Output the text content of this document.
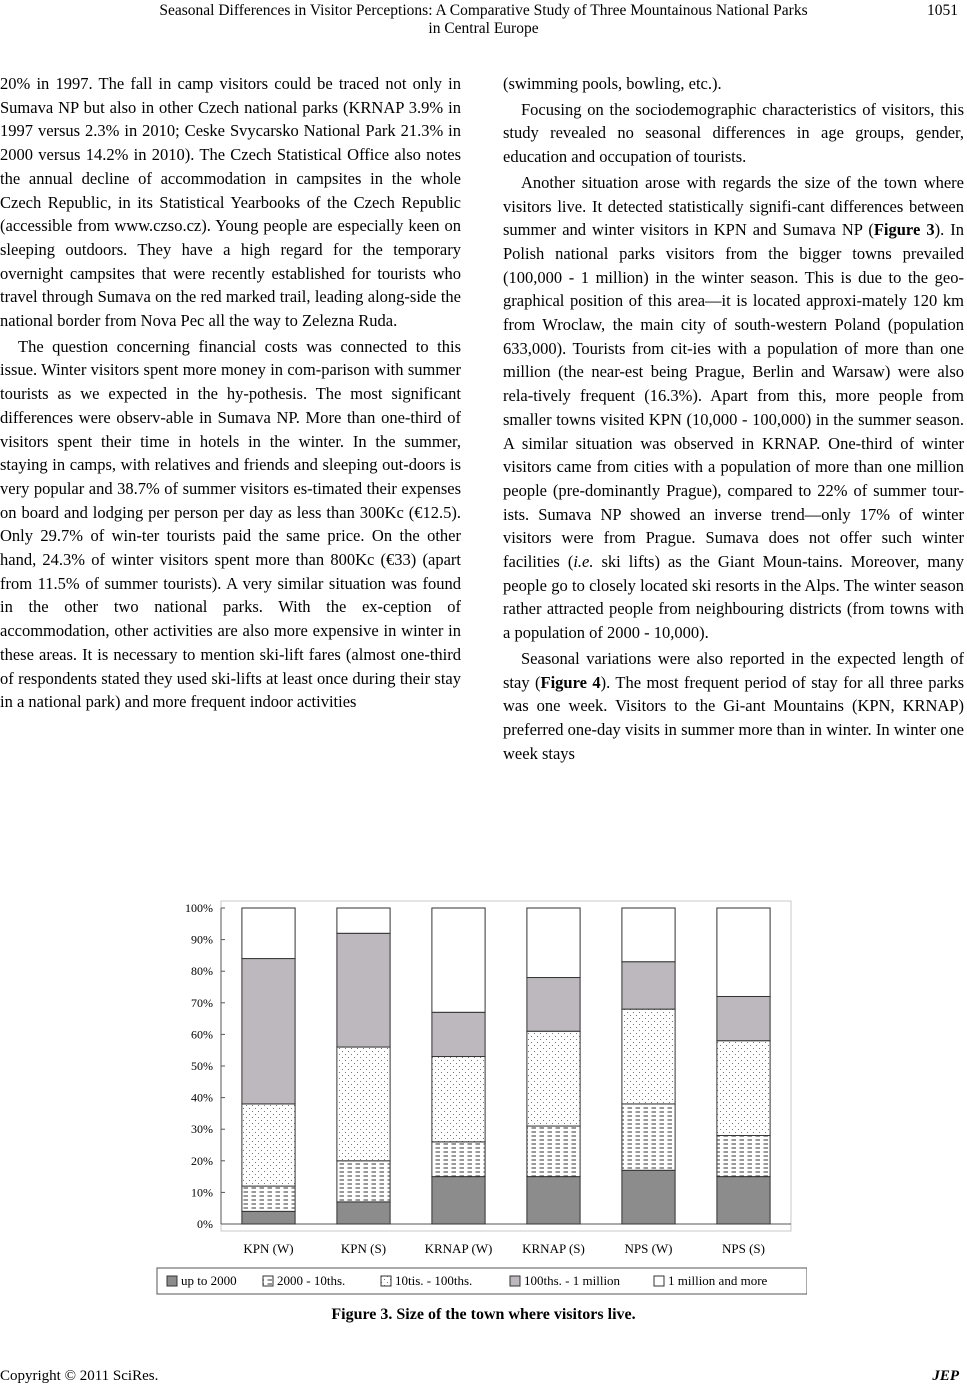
Seasonal Differences in Visitor Perceptions: A Comparative Study of Three Mountainous National Parks
in Central Europe
1051

20% in 1997. The fall in camp visitors could be traced not only in Sumava NP but also in other Czech national parks (KRNAP 3.9% in 1997 versus 2.3% in 2010; Ceske Svycarsko National Park 21.3% in 2000 versus 14.2% in 2010). The Czech Statistical Office also notes the annual decline of accommodation in campsites in the whole Czech Republic, in its Statistical Yearbooks of the Czech Republic (accessible from www.czso.cz). Young people are especially keen on sleeping outdoors. They have a high regard for the temporary overnight campsites that were recently established for tourists who travel through Sumava on the red marked trail, leading along-side the national border from Nova Pec all the way to Zelezna Ruda.

The question concerning financial costs was connected to this issue. Winter visitors spent more money in com-parison with summer tourists as we expected in the hy-pothesis. The most significant differences were observ-able in Sumava NP. More than one-third of visitors spent their time in hotels in the winter. In the summer, staying in camps, with relatives and friends and sleeping out-doors is very popular and 38.7% of summer visitors es-timated their expenses on board and lodging per person per day as less than 300Kc (€12.5). Only 29.7% of win-ter tourists paid the same price. On the other hand, 24.3% of winter visitors spent more than 800Kc (€33) (apart from 11.5% of summer tourists). A very similar situation was found in the other two national parks. With the ex-ception of accommodation, other activities are also more expensive in winter in these areas. It is necessary to mention ski-lift fares (almost one-third of respondents stated they used ski-lifts at least once during their stay in a national park) and more frequent indoor activities

(swimming pools, bowling, etc.).

Focusing on the sociodemographic characteristics of visitors, this study revealed no seasonal differences in age groups, gender, education and occupation of tourists.

Another situation arose with regards the size of the town where visitors live. It detected statistically signifi-cant differences between summer and winter visitors in KPN and Sumava NP (Figure 3). In Polish national parks visitors from the bigger towns prevailed (100,000 - 1 million) in the winter season. This is due to the geo-graphical position of this area—it is located approxi-mately 120 km from Wroclaw, the main city of south-western Poland (population 633,000). Tourists from cit-ies with a population of more than one million (the near-est being Prague, Berlin and Warsaw) were also rela-tively frequent (16.3%). Apart from this, more people from smaller towns visited KPN (10,000 - 100,000) in the summer season. A similar situation was observed in KRNAP. One-third of winter visitors came from cities with a population of more than one million people (pre-dominantly Prague), compared to 22% of summer tour-ists. Sumava NP showed an inverse trend—only 17% of winter visitors were from Prague. Sumava does not offer such winter facilities (i.e. ski lifts) as the Giant Moun-tains. Moreover, many people go to closely located ski resorts in the Alps. The winter season rather attracted people from neighbouring districts (from towns with a population of 2000 - 10,000).

Seasonal variations were also reported in the expected length of stay (Figure 4). The most frequent period of stay for all three parks was one week. Visitors to the Gi-ant Mountains (KPN, KRNAP) preferred one-day visits in summer more than in winter. In winter one week stays

0%
10%
20%
30%
40%
50%
60%
70%
80%
90%
100%
KPN (W)	KPN (S)	KRNAP (W) KRNAP (S)	NPS (W)	NPS (S)
up to 2000	2000 - 10ths.	10tis. - 100ths.	100ths. - 1 million	1 million and more
Figure 3. Size of the town where visitors live.
Copyright © 2011 SciRes.	JEP
